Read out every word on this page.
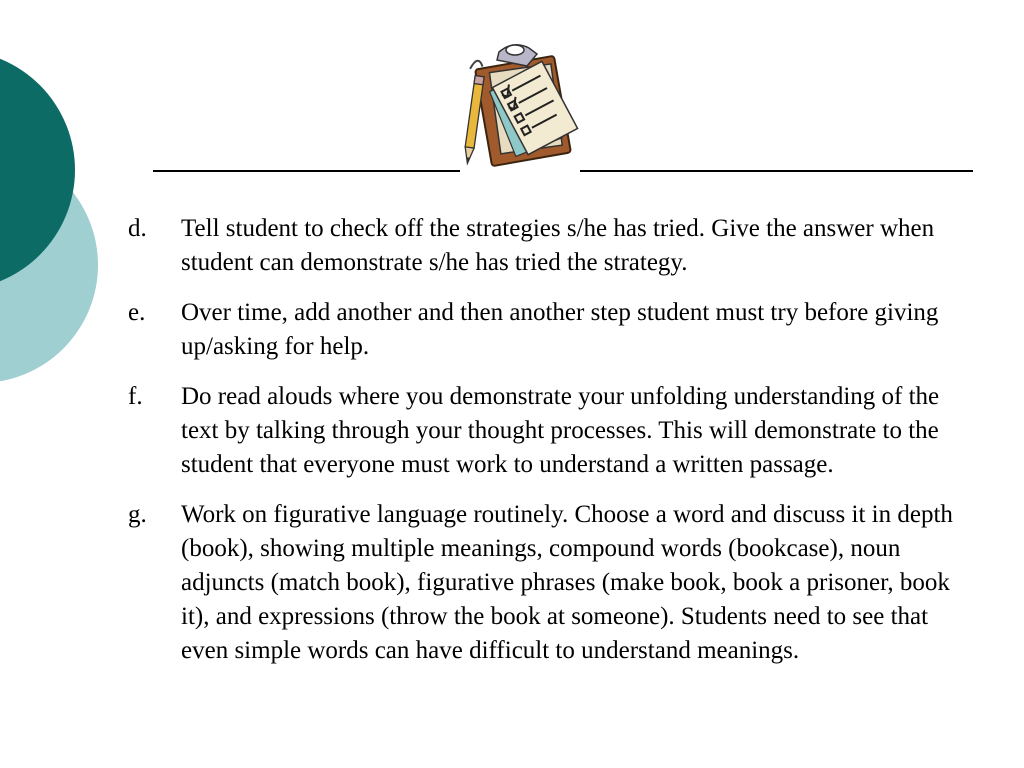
d.	Tell student to check off the strategies s/he has tried. Give the answer when student can demonstrate s/he has tried the strategy.
e.	Over time, add another and then another step student must try before giving up/asking for help.
f.	Do read alouds where you demonstrate your unfolding understanding of the text by talking through your thought processes. This will demonstrate to the student that everyone must work to understand a written passage.
g.	Work on figurative language routinely. Choose a word and discuss it in depth (book), showing multiple meanings, compound words (bookcase), noun adjuncts (match book), figurative phrases (make book, book a prisoner, book it), and expressions (throw the book at someone). Students need to see that even simple words can have difficult to understand meanings.
